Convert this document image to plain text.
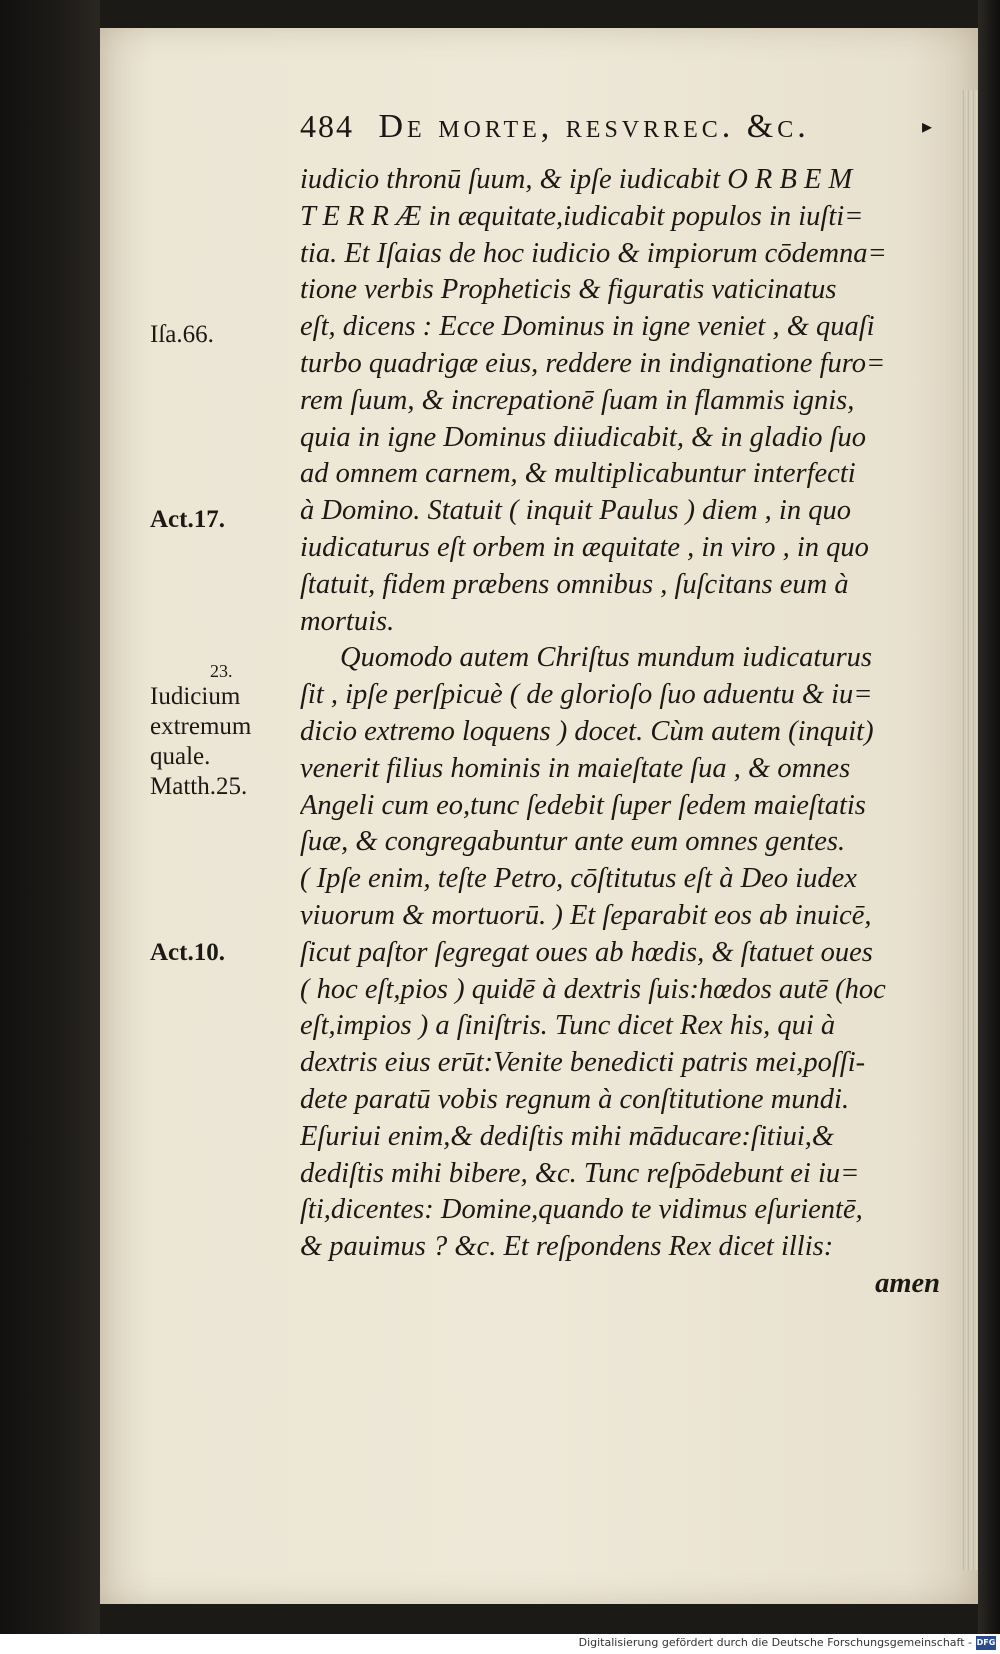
484 De morte, resvrrec. &c.	▸
iudicio thronū ſuum, & ipſe iudicabit O R B E M
T E R R Æ in æquitate,iudicabit populos in iuſti=
tia. Et Iſaias de hoc iudicio & impiorum cōdemna=
tione verbis Propheticis & figuratis vaticinatus
eſt, dicens : Ecce Dominus in igne veniet , & quaſi
turbo quadrigæ eius, reddere in indignatione furo=
rem ſuum, & increpationē ſuam in flammis ignis,
quia in igne Dominus diiudicabit, & in gladio ſuo
ad omnem carnem, & multiplicabuntur interfecti
à Domino. Statuit ( inquit Paulus ) diem , in quo
iudicaturus eſt orbem in æquitate , in viro , in quo
ſtatuit, fidem præbens omnibus , ſuſcitans eum à
mortuis.
Quomodo autem Chriſtus mundum iudicaturus
ſit , ipſe perſpicuè ( de glorioſo ſuo aduentu & iu=
dicio extremo loquens ) docet. Cùm autem (inquit)
venerit filius hominis in maieſtate ſua , & omnes
Angeli cum eo,tunc ſedebit ſuper ſedem maieſtatis
ſuæ, & congregabuntur ante eum omnes gentes.
( Ipſe enim, teſte Petro, cōſtitutus eſt à Deo iudex
viuorum & mortuorū. ) Et ſeparabit eos ab inuicē,
ſicut paſtor ſegregat oues ab hœdis, & ſtatuet oues
( hoc eſt,pios ) quidē à dextris ſuis:hœdos autē (hoc
eſt,impios ) a ſiniſtris. Tunc dicet Rex his, qui à
dextris eius erūt:Venite benedicti patris mei,poſſi-
dete paratū vobis regnum à conſtitutione mundi.
Eſuriui enim,& dediſtis mihi māducare:ſitiui,&
dediſtis mihi bibere, &c. Tunc reſpōdebunt ei iu=
ſti,dicentes: Domine,quando te vidimus eſurientē,
& pauimus ? &c. Et reſpondens Rex dicet illis:
amen
Iſa.66.
Act.17.
23.
Iudicium
extremum
quale.
Matth.25.
Act.10.
Digitalisierung gefördert durch die Deutsche Forschungsgemeinschaft - DFG
